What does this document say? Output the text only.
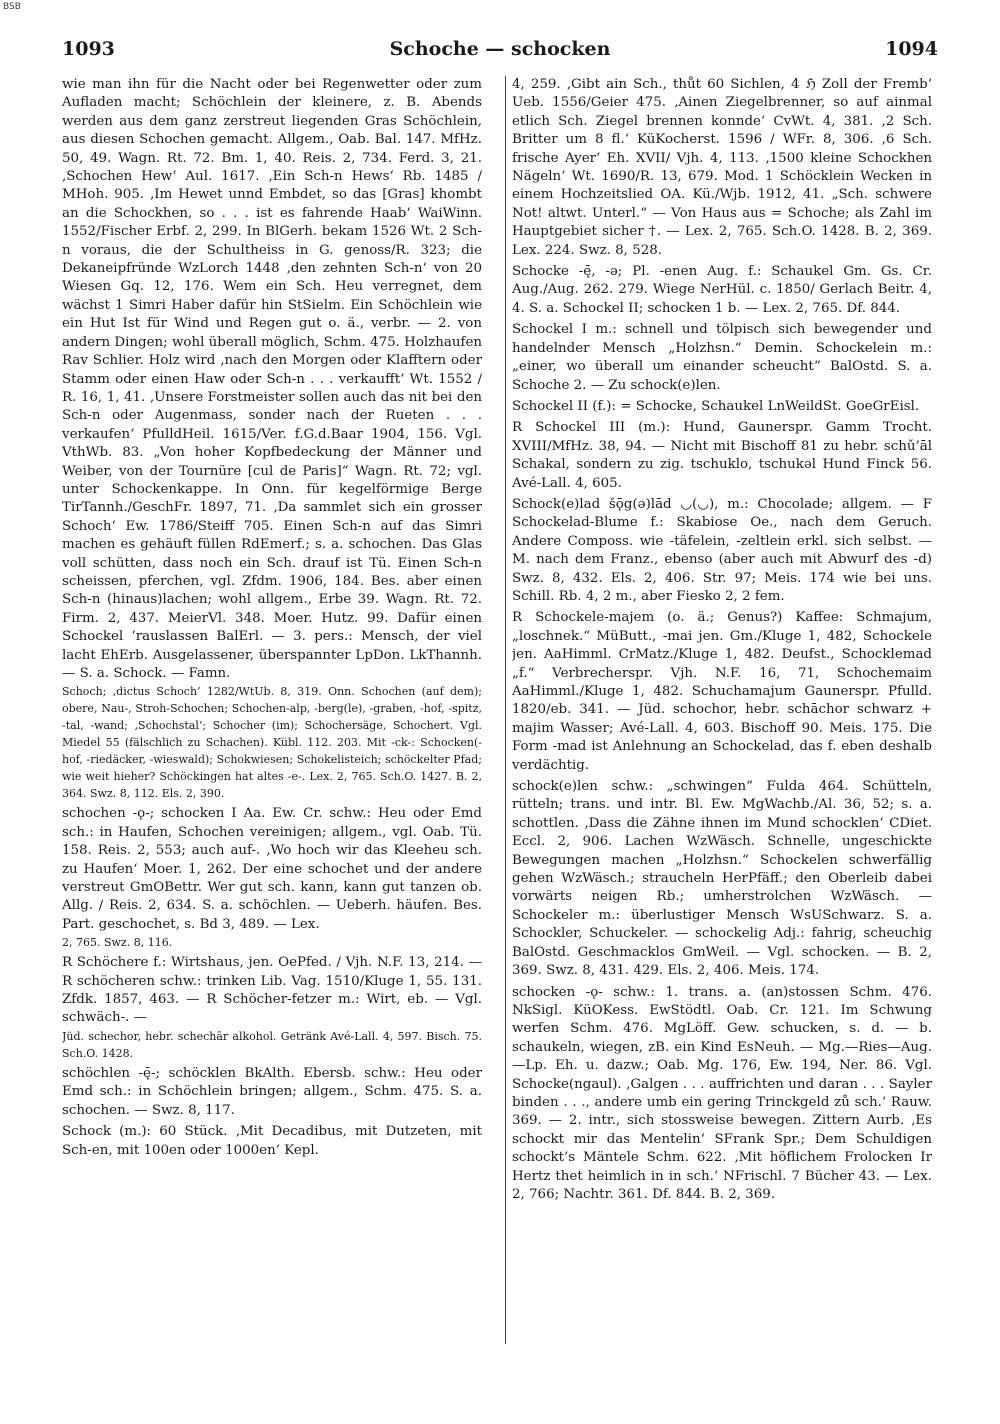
BSB
1093	Schoche — schocken	1094

wie man ihn für die Nacht oder bei Regenwetter oder zum Aufladen macht; Schöchlein der kleinere, z. B. Abends werden aus dem ganz zerstreut liegenden Gras Schöchlein, aus diesen Schochen gemacht. Allgem., Oab. Bal. 147. MfHz. 50, 49. Wagn. Rt. 72. Bm. 1, 40. Reis. 2, 734. Ferd. 3, 21. ‚Schochen Hew‘ Aul. 1617. ‚Ein Sch-n Hews‘ Rb. 1485 / MHoh. 905. ‚Im Hewet unnd Embdet, so das [Gras] khombt an die Schockhen, so . . . ist es fahrende Haab‘ WaiWinn. 1552/Fischer Erbf. 2, 299. In BlGerh. bekam 1526 Wt. 2 Sch-n voraus, die der Schultheiss in G. genoss/R. 323; die Dekaneipfründe WzLorch 1448 ‚den zehnten Sch-n‘ von 20 Wiesen Gq. 12, 176. Wem ein Sch. Heu verregnet, dem wächst 1 Simri Haber dafür hin StSielm. Ein Schöchlein wie ein Hut Ist für Wind und Regen gut o. ä., verbr. — 2. von andern Dingen; wohl überall möglich, Schm. 475. Holzhaufen Rav Schlier. Holz wird ‚nach den Morgen oder Klafftern oder Stamm oder einen Haw oder Sch-n . . . verkaufft‘ Wt. 1552 / R. 16, 1, 41. ‚Unsere Forstmeister sollen auch das nit bei den Sch-n oder Augenmass, sonder nach der Rueten . . . verkaufen‘ PfulldHeil. 1615/Ver. f.G.d.Baar 1904, 156. Vgl. VthWb. 83. „Von hoher Kopfbedeckung der Männer und Weiber, von der Tournüre [cul de Paris]“ Wagn. Rt. 72; vgl. unter Schockenkappe. In Onn. für kegelförmige Berge TirTannh./GeschFr. 1897, 71. ‚Da sammlet sich ein grosser Schoch‘ Ew. 1786/Steiff 705. Einen Sch-n auf das Simri machen es gehäuft füllen RdEmerf.; s. a. schochen. Das Glas voll schütten, dass noch ein Sch. drauf ist Tü. Einen Sch-n scheissen, pferchen, vgl. Zfdm. 1906, 184. Bes. aber einen Sch-n (hinaus)lachen; wohl allgem., Erbe 39. Wagn. Rt. 72. Firm. 2, 437. MeierVl. 348. Moer. Hutz. 99. Dafür einen Schockel ’rauslassen BalErl. — 3. pers.: Mensch, der viel lacht EhErb. Ausgelassener, überspannter LpDon. LkThannh. — S. a. Schock. — Famn.

Schoch; ‚dictus Schoch‘ 1282/WtUb. 8, 319. Onn. Schochen (auf dem); obere, Nau-, Stroh-Schochen; Schochen-alp, -berg(le), -graben, -hof, -spitz, -tal, -wand; ‚Schochstal‘; Schocher (im); Schochersäge, Schochert. Vgl. Miedel 55 (fälschlich zu Schachen). Kübl. 112. 203. Mit -ck-: Schocken(-hof, -riedäcker, -wieswald); Schokwiesen; Schokelisteich; schöckelter Pfad; wie weit hieher? Schöckingen hat altes -e-. Lex. 2, 765. Sch.O. 1427. B. 2, 364. Swz. 8, 112. Els. 2, 390.

schochen -ǫ-; schocken I Aa. Ew. Cr. schw.: Heu oder Emd sch.: in Haufen, Schochen vereinigen; allgem., vgl. Oab. Tü. 158. Reis. 2, 553; auch auf-. ‚Wo hoch wir das Kleeheu sch. zu Haufen‘ Moer. 1, 262. Der eine schochet und der andere verstreut GmOBettr. Wer gut sch. kann, kann gut tanzen ob. Allg. / Reis. 2, 634. S. a. schöchlen. — Ueberh. häufen. Bes. Part. geschochet, s. Bd 3, 489. — Lex.

2, 765. Swz. 8, 116.

R Schöchere f.: Wirtshaus, jen. OePfed. / Vjh. N.F. 13, 214. — R schöcheren schw.: trinken Lib. Vag. 1510/Kluge 1, 55. 131. Zfdk. 1857, 463. — R Schöcher-fetzer m.: Wirt, eb. — Vgl. schwäch-. —

Jüd. schechor, hebr. schechār alkohol. Getränk Avé-Lall. 4, 597. Bisch. 75. Sch.O. 1428.

schöchlen -ę̄-; schöcklen BkAlth. Ebersb. schw.: Heu oder Emd sch.: in Schöchlein bringen; allgem., Schm. 475. S. a. schochen. — Swz. 8, 117.

Schock (m.): 60 Stück. ‚Mit Decadibus, mit Dutzeten, mit Sch-en, mit 100en oder 1000en‘ Kepl.

4, 259. ‚Gibt ain Sch., thůt 60 Sichlen, 4 ℌ Zoll der Fremb‘ Ueb. 1556/Geier 475. ‚Ainen Ziegelbrenner, so auf ainmal etlich Sch. Ziegel brennen konnde‘ CvWt. 4, 381. ‚2 Sch. Britter um 8 fl.‘ KüKocherst. 1596 / WFr. 8, 306. ‚6 Sch. frische Ayer‘ Eh. XVII/ Vjh. 4, 113. ‚1500 kleine Schockhen Nägeln‘ Wt. 1690/R. 13, 679. Mod. 1 Schöcklein Wecken in einem Hochzeitslied OA. Kü./Wjb. 1912, 41. „Sch. schwere Not! altwt. Unterl.“ — Von Haus aus = Schoche; als Zahl im Hauptgebiet sicher †. — Lex. 2, 765. Sch.O. 1428. B. 2, 369. Lex. 224. Swz. 8, 528.

Schocke -ę̄, -ǝ; Pl. -enen Aug. f.: Schaukel Gm. Gs. Cr. Aug./Aug. 262. 279. Wiege NerHül. c. 1850/ Gerlach Beitr. 4, 4. S. a. Schockel II; schocken 1 b. — Lex. 2, 765. Df. 844.

Schockel I m.: schnell und tölpisch sich bewegender und handelnder Mensch „Holzhsn.“ Demin. Schockelein m.: „einer, wo überall um einander scheucht“ BalOstd. S. a. Schoche 2. — Zu schock(e)len.

Schockel II (f.): = Schocke, Schaukel LnWeildSt. GoeGrEisl.

R Schockel III (m.): Hund, Gaunerspr. Gamm Trocht. XVIII/MfHz. 38, 94. — Nicht mit Bischoff 81 zu hebr. schǔ’āl Schakal, sondern zu zig. tschuklo, tschukǝl Hund Finck 56. Avé-Lall. 4, 605.

Schock(e)lad šǭg(ǝ)lād ◡(◡), m.: Chocolade; allgem. — F Schockelad-Blume f.: Skabiose Oe., nach dem Geruch. Andere Composs. wie -täfelein, -zeltlein erkl. sich selbst. — M. nach dem Franz., ebenso (aber auch mit Abwurf des -d) Swz. 8, 432. Els. 2, 406. Str. 97; Meis. 174 wie bei uns. Schill. Rb. 4, 2 m., aber Fiesko 2, 2 fem.

R Schockele-majem (o. ä.; Genus?) Kaffee: Schmajum, „loschnek.“ MüButt., -mai jen. Gm./Kluge 1, 482, Schockele jen. AaHimml. CrMatz./Kluge 1, 482. Deufst., Schocklemad „f.“ Verbrecherspr. Vjh. N.F. 16, 71, Schochemaim AaHimml./Kluge 1, 482. Schuchamajum Gaunerspr. Pfulld. 1820/eb. 341. — Jüd. schochor, hebr. schāchor schwarz + majim Wasser; Avé-Lall. 4, 603. Bischoff 90. Meis. 175. Die Form -mad ist Anlehnung an Schockelad, das f. eben deshalb verdächtig.

schock(e)len schw.: „schwingen“ Fulda 464. Schütteln, rütteln; trans. und intr. Bl. Ew. MgWachb./Al. 36, 52; s. a. schottlen. ‚Dass die Zähne ihnen im Mund schocklen‘ CDiet. Eccl. 2, 906. Lachen WzWäsch. Schnelle, ungeschickte Bewegungen machen „Holzhsn.“ Schockelen schwerfällig gehen WzWäsch.; straucheln HerPfäff.; den Oberleib dabei vorwärts neigen Rb.; umherstrolchen WzWäsch. — Schockeler m.: überlustiger Mensch WsUSchwarz. S. a. Schockler, Schuckeler. — schockelig Adj.: fahrig, scheuchig BalOstd. Geschmacklos GmWeil. — Vgl. schocken. — B. 2, 369. Swz. 8, 431. 429. Els. 2, 406. Meis. 174.

schocken -ǫ- schw.: 1. trans. a. (an)stossen Schm. 476. NkSigl. KüOKess. EwStödtl. Oab. Cr. 121. Im Schwung werfen Schm. 476. MgLöff. Gew. schucken, s. d. — b. schaukeln, wiegen, zB. ein Kind EsNeuh. — Mg.—Ries—Aug.—Lp. Eh. u. dazw.; Oab. Mg. 176, Ew. 194, Ner. 86. Vgl. Schocke(ngaul). ‚Galgen . . . auffrichten und daran . . . Sayler binden . . ., andere umb ein gering Trinckgeld zů sch.‘ Rauw. 369. — 2. intr., sich stossweise bewegen. Zittern Aurb. ‚Es schockt mir das Mentelin‘ SFrank Spr.; Dem Schuldigen schockt’s Mäntele Schm. 622. ‚Mit höflichem Frolocken Ir Hertz thet heimlich in in sch.‘ NFrischl. 7 Bücher 43. — Lex. 2, 766; Nachtr. 361. Df. 844. B. 2, 369.
